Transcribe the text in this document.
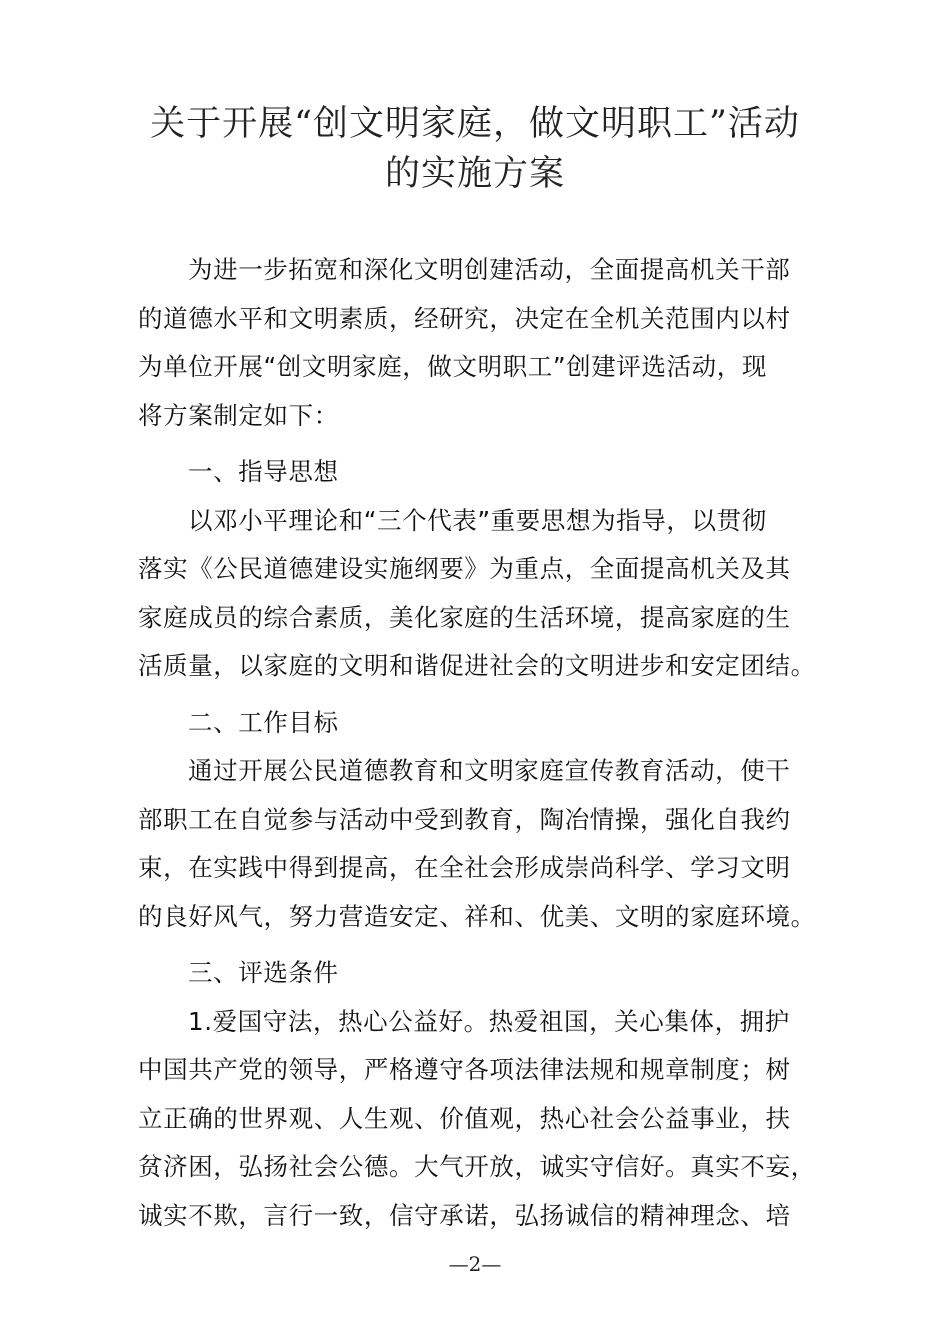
关于开展“创文明家庭，做文明职工”活动
的实施方案
为进一步拓宽和深化文明创建活动，全面提高机关干部
的道德水平和文明素质，经研究，决定在全机关范围内以村
为单位开展“创文明家庭，做文明职工”创建评选活动，现
将方案制定如下：
一、指导思想
以邓小平理论和“三个代表”重要思想为指导，以贯彻
落实《公民道德建设实施纲要》为重点，全面提高机关及其
家庭成员的综合素质，美化家庭的生活环境，提高家庭的生
活质量，以家庭的文明和谐促进社会的文明进步和安定团结。
二、工作目标
通过开展公民道德教育和文明家庭宣传教育活动，使干
部职工在自觉参与活动中受到教育，陶冶情操，强化自我约
束，在实践中得到提高，在全社会形成崇尚科学、学习文明
的良好风气，努力营造安定、祥和、优美、文明的家庭环境。
三、评选条件
1.爱国守法，热心公益好。热爱祖国，关心集体，拥护
中国共产党的领导，严格遵守各项法律法规和规章制度；树
立正确的世界观、人生观、价值观，热心社会公益事业，扶
贫济困，弘扬社会公德。大气开放，诚实守信好。真实不妄，
诚实不欺，言行一致，信守承诺，弘扬诚信的精神理念、培
—2—
